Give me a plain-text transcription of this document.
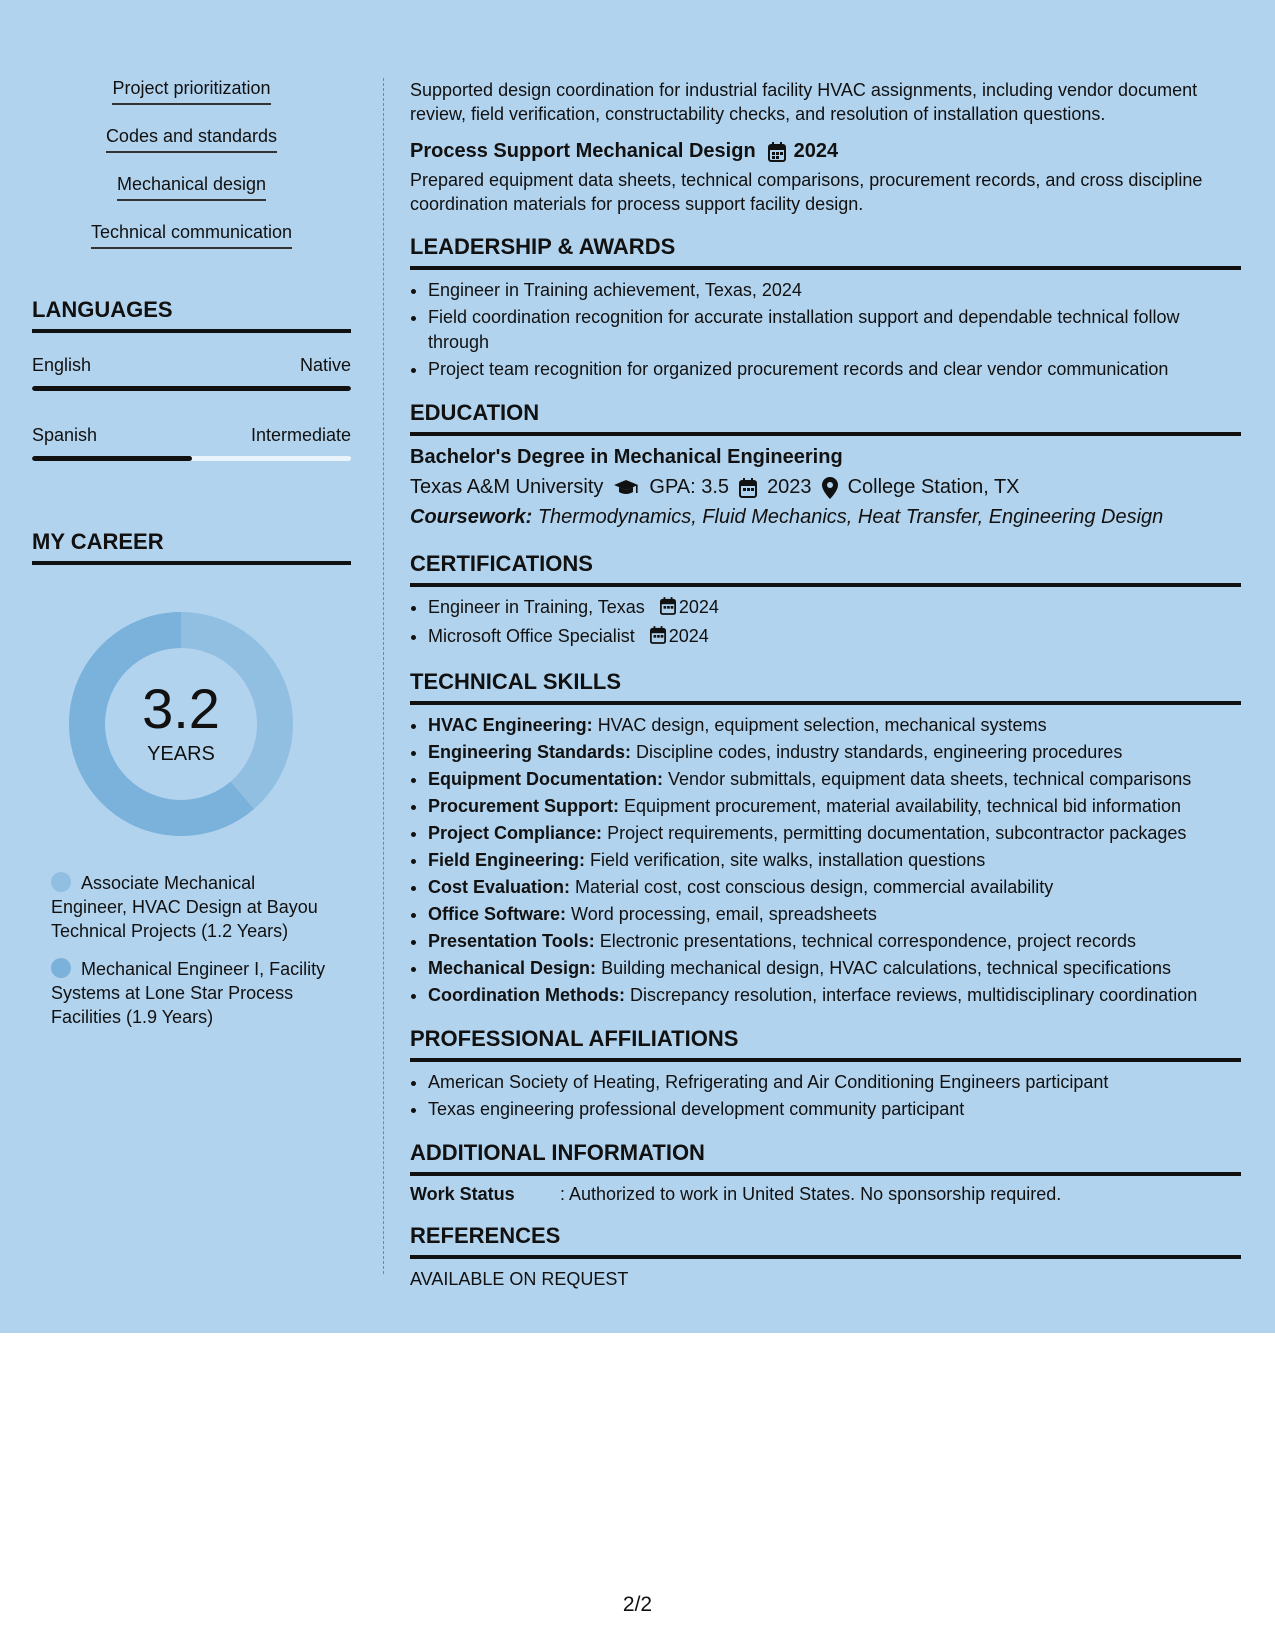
Project prioritization
Codes and standards
Mechanical design
Technical communication
LANGUAGES
English	Native
Spanish	Intermediate
MY CAREER
3.2
YEARS
Associate Mechanical Engineer, HVAC Design at Bayou Technical Projects (1.2 Years)
Mechanical Engineer I, Facility Systems at Lone Star Process Facilities (1.9 Years)

Supported design coordination for industrial facility HVAC assignments, including vendor document review, field verification, constructability checks, and resolution of installation questions.

Process Support Mechanical Design 2024

Prepared equipment data sheets, technical comparisons, procurement records, and cross discipline coordination materials for process support facility design.

LEADERSHIP & AWARDS
• Engineer in Training achievement, Texas, 2024
• Field coordination recognition for accurate installation support and dependable technical follow through
• Project team recognition for organized procurement records and clear vendor communication
EDUCATION
Bachelor's Degree in Mechanical Engineering
Texas A&M University GPA: 3.5 2023 College Station, TX
Coursework: Thermodynamics, Fluid Mechanics, Heat Transfer, Engineering Design
CERTIFICATIONS
• Engineer in Training, Texas 2024
• Microsoft Office Specialist 2024
TECHNICAL SKILLS
• HVAC Engineering: HVAC design, equipment selection, mechanical systems
• Engineering Standards: Discipline codes, industry standards, engineering procedures
• Equipment Documentation: Vendor submittals, equipment data sheets, technical comparisons
• Procurement Support: Equipment procurement, material availability, technical bid information
• Project Compliance: Project requirements, permitting documentation, subcontractor packages
• Field Engineering: Field verification, site walks, installation questions
• Cost Evaluation: Material cost, cost conscious design, commercial availability
• Office Software: Word processing, email, spreadsheets
• Presentation Tools: Electronic presentations, technical correspondence, project records
• Mechanical Design: Building mechanical design, HVAC calculations, technical specifications
• Coordination Methods: Discrepancy resolution, interface reviews, multidisciplinary coordination
PROFESSIONAL AFFILIATIONS
• American Society of Heating, Refrigerating and Air Conditioning Engineers participant
• Texas engineering professional development community participant
ADDITIONAL INFORMATION
Work Status	: Authorized to work in United States. No sponsorship required.
REFERENCES
AVAILABLE ON REQUEST
2/2
